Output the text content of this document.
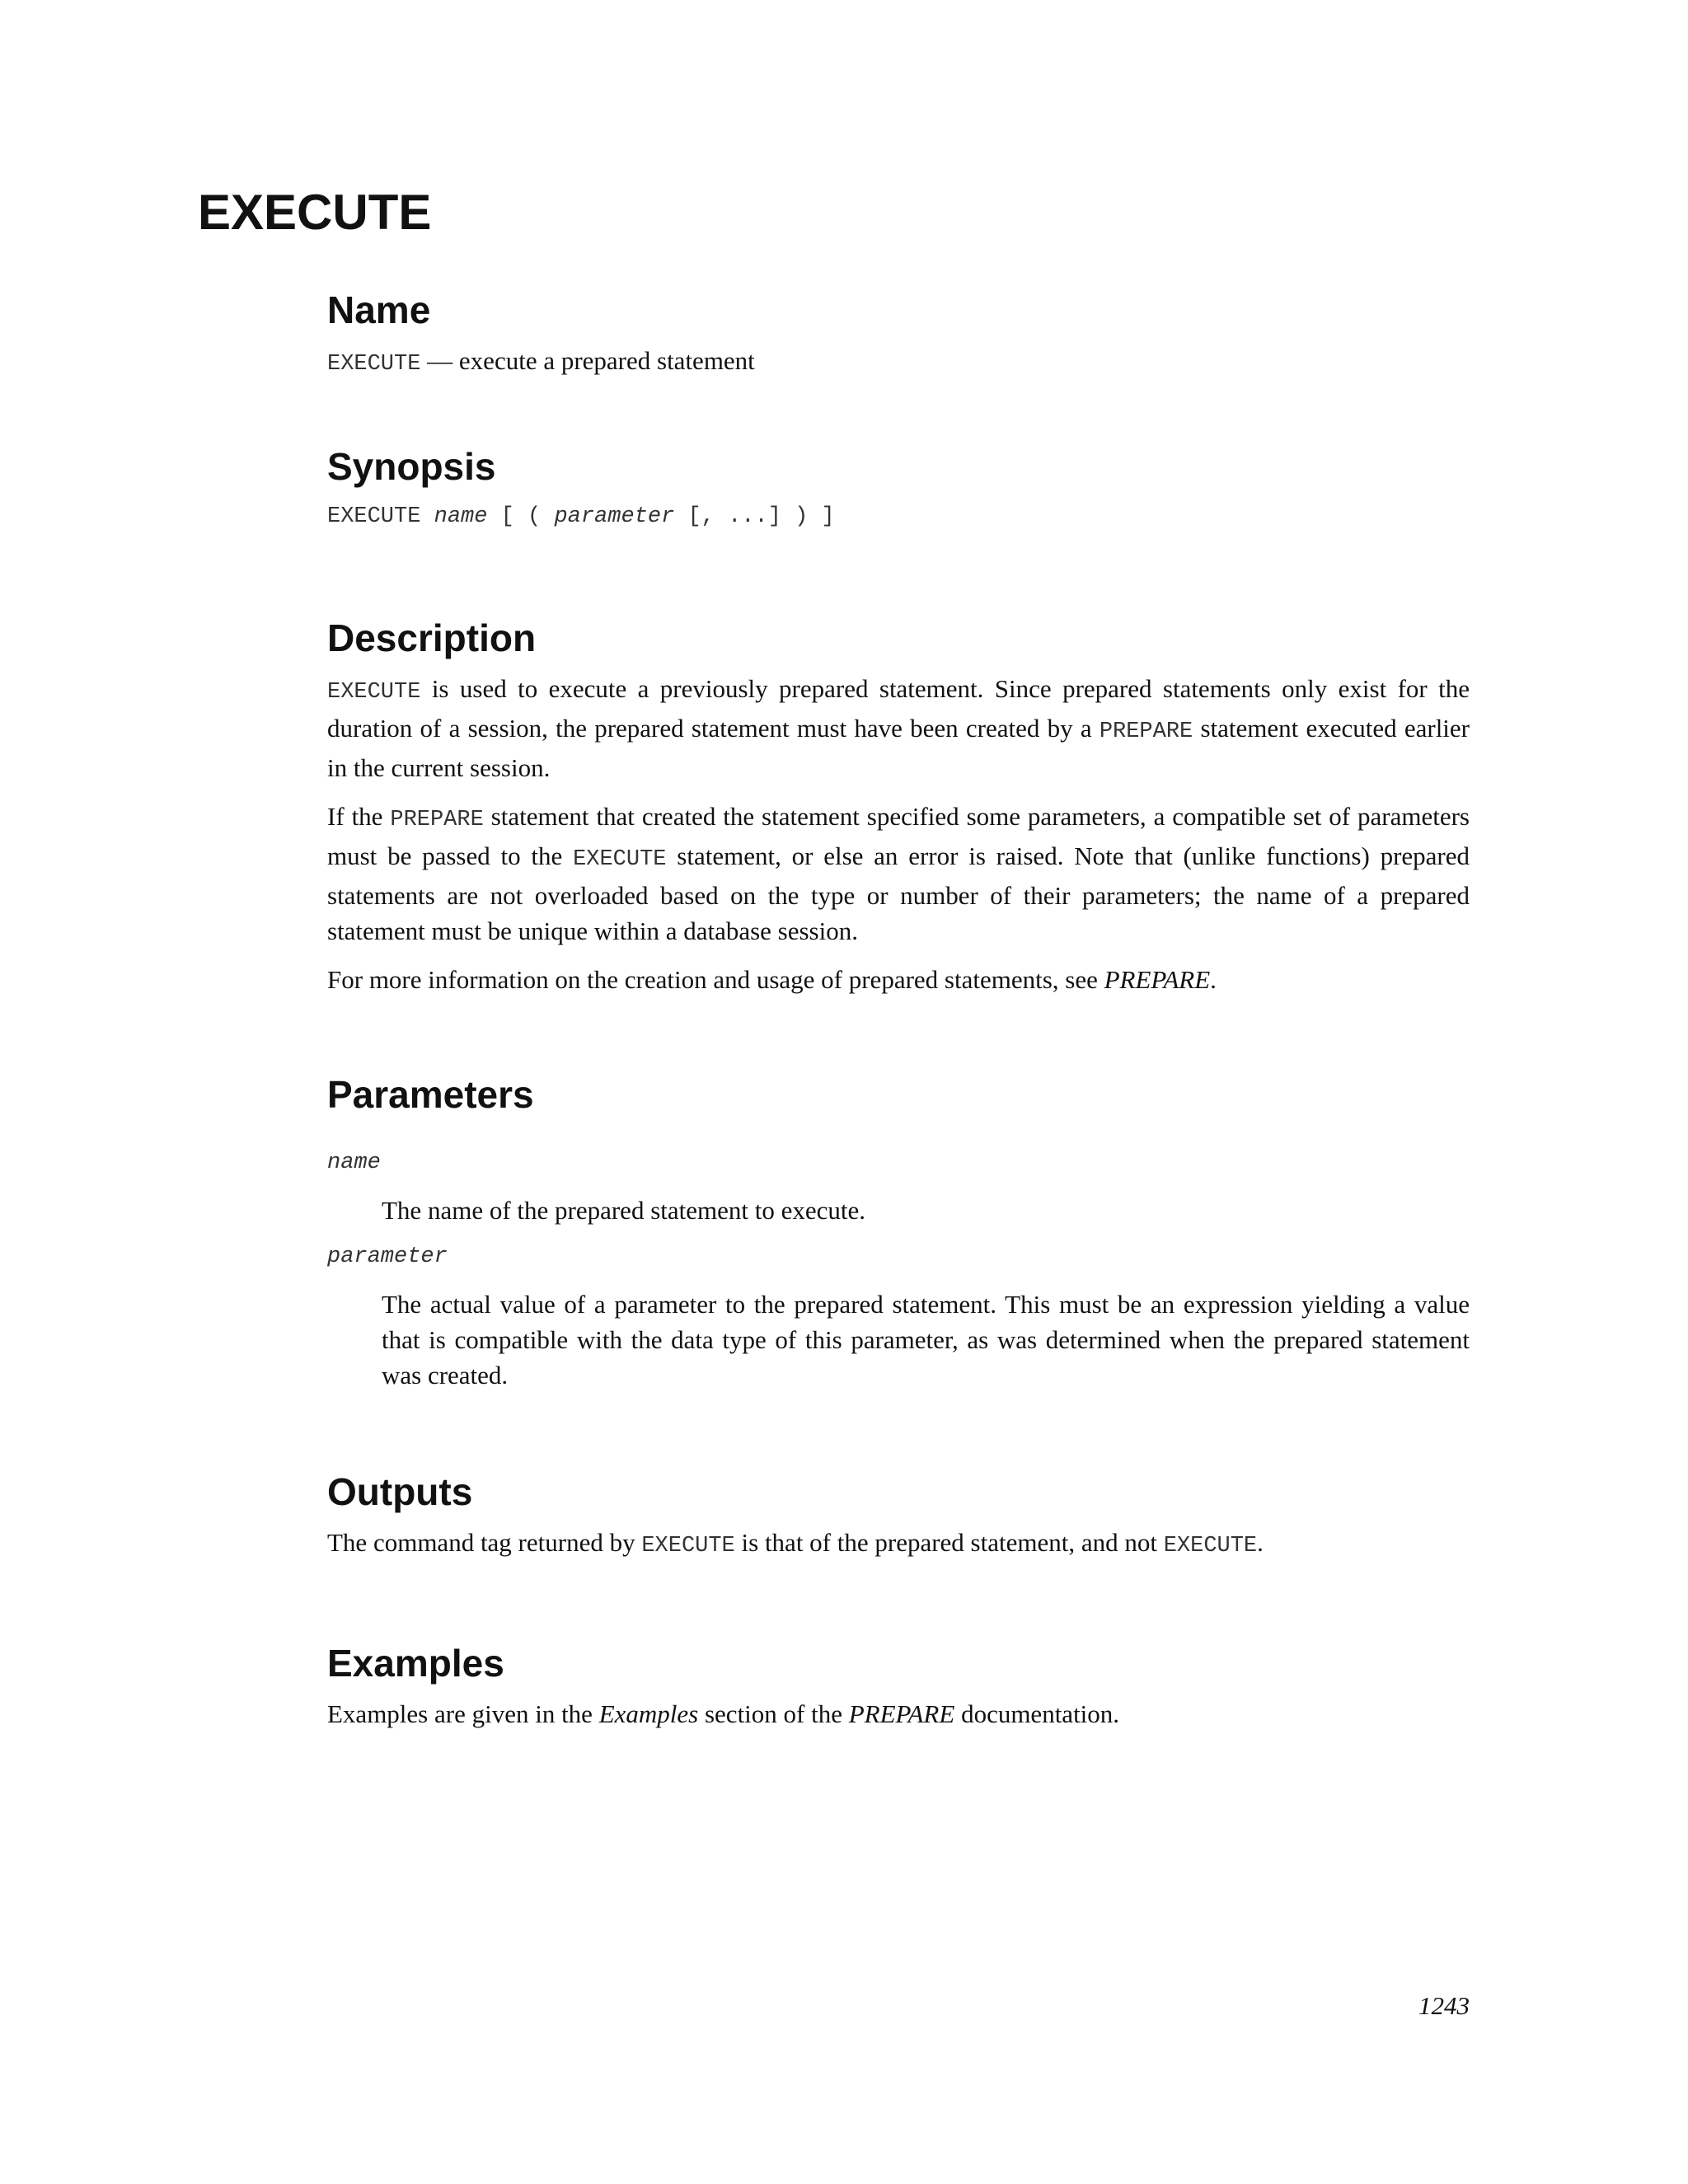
EXECUTE
Name

EXECUTE — execute a prepared statement

Synopsis

EXECUTE name [ ( parameter [, ...] ) ]

Description

EXECUTE is used to execute a previously prepared statement. Since prepared statements only exist for the duration of a session, the prepared statement must have been created by a PREPARE statement executed earlier in the current session.

If the PREPARE statement that created the statement specified some parameters, a compatible set of parameters must be passed to the EXECUTE statement, or else an error is raised. Note that (unlike functions) prepared statements are not overloaded based on the type or number of their parameters; the name of a prepared statement must be unique within a database session.

For more information on the creation and usage of prepared statements, see PREPARE.

Parameters
name
The name of the prepared statement to execute.
parameter
The actual value of a parameter to the prepared statement. This must be an expression yielding a value that is compatible with the data type of this parameter, as was determined when the prepared statement was created.
Outputs

The command tag returned by EXECUTE is that of the prepared statement, and not EXECUTE.

Examples

Examples are given in the Examples section of the PREPARE documentation.

1243
